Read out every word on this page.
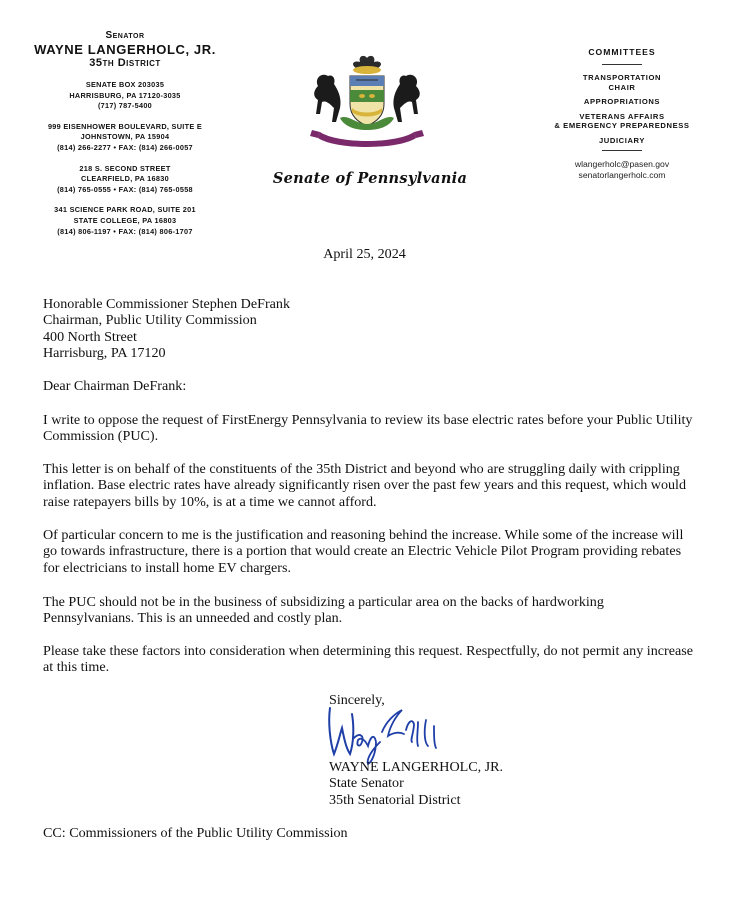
Senator
WAYNE LANGERHOLC, JR.
35th District
SENATE BOX 203035
HARRISBURG, PA 17120-3035
(717) 787-5400
999 EISENHOWER BOULEVARD, SUITE E
JOHNSTOWN, PA 15904
(814) 266-2277 • FAX: (814) 266-0057
218 S. SECOND STREET
CLEARFIELD, PA 16830
(814) 765-0555 • FAX: (814) 765-0558
341 SCIENCE PARK ROAD, SUITE 201
STATE COLLEGE, PA 16803
(814) 806-1197 • FAX: (814) 806-1707
Senate of Pennsylvania
COMMITTEES
TRANSPORTATION
CHAIR
APPROPRIATIONS
VETERANS AFFAIRS
& EMERGENCY PREPAREDNESS
JUDICIARY
wlangerholc@pasen.gov
senatorlangerholc.com
April 25, 2024
Honorable Commissioner Stephen DeFrank
Chairman, Public Utility Commission
400 North Street
Harrisburg, PA 17120
Dear Chairman DeFrank:

I write to oppose the request of FirstEnergy Pennsylvania to review its base electric rates before your Public Utility Commission (PUC).

This letter is on behalf of the constituents of the 35th District and beyond who are struggling daily with crippling inflation. Base electric rates have already significantly risen over the past few years and this request, which would raise ratepayers bills by 10%, is at a time we cannot afford.

Of particular concern to me is the justification and reasoning behind the increase. While some of the increase will go towards infrastructure, there is a portion that would create an Electric Vehicle Pilot Program providing rebates for electricians to install home EV chargers.

The PUC should not be in the business of subsidizing a particular area on the backs of hardworking Pennsylvanians. This is an unneeded and costly plan.

Please take these factors into consideration when determining this request. Respectfully, do not permit any increase at this time.

Sincerely,
WAYNE LANGERHOLC, JR.
State Senator
35th Senatorial District
CC: Commissioners of the Public Utility Commission
